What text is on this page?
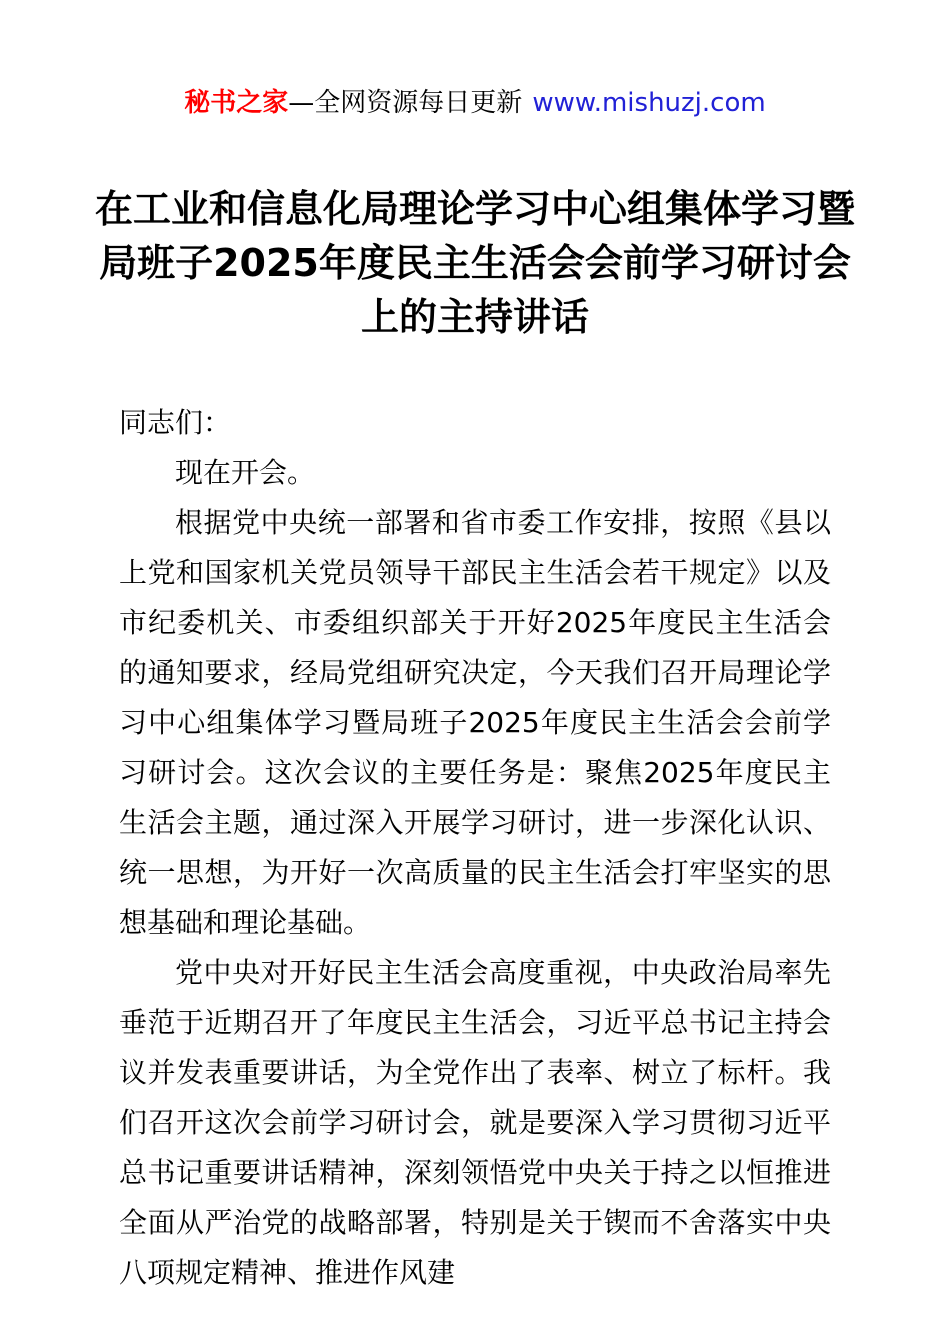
秘书之家—全网资源每日更新 www.mishuzj.com
在工业和信息化局理论学习中心组集体学习暨
局班子2025年度民主生活会会前学习研讨会
上的主持讲话

同志们：

现在开会。

根据党中央统一部署和省市委工作安排，按照《县以上党和国家机关党员领导干部民主生活会若干规定》以及市纪委机关、市委组织部关于开好2025年度民主生活会的通知要求，经局党组研究决定，今天我们召开局理论学习中心组集体学习暨局班子2025年度民主生活会会前学习研讨会。这次会议的主要任务是：聚焦2025年度民主生活会主题，通过深入开展学习研讨，进一步深化认识、统一思想，为开好一次高质量的民主生活会打牢坚实的思想基础和理论基础。

党中央对开好民主生活会高度重视，中央政治局率先垂范于近期召开了年度民主生活会，习近平总书记主持会议并发表重要讲话，为全党作出了表率、树立了标杆。我们召开这次会前学习研讨会，就是要深入学习贯彻习近平总书记重要讲话精神，深刻领悟党中央关于持之以恒推进全面从严治党的战略部署，特别是关于锲而不舍落实中央八项规定精神、推进作风建
